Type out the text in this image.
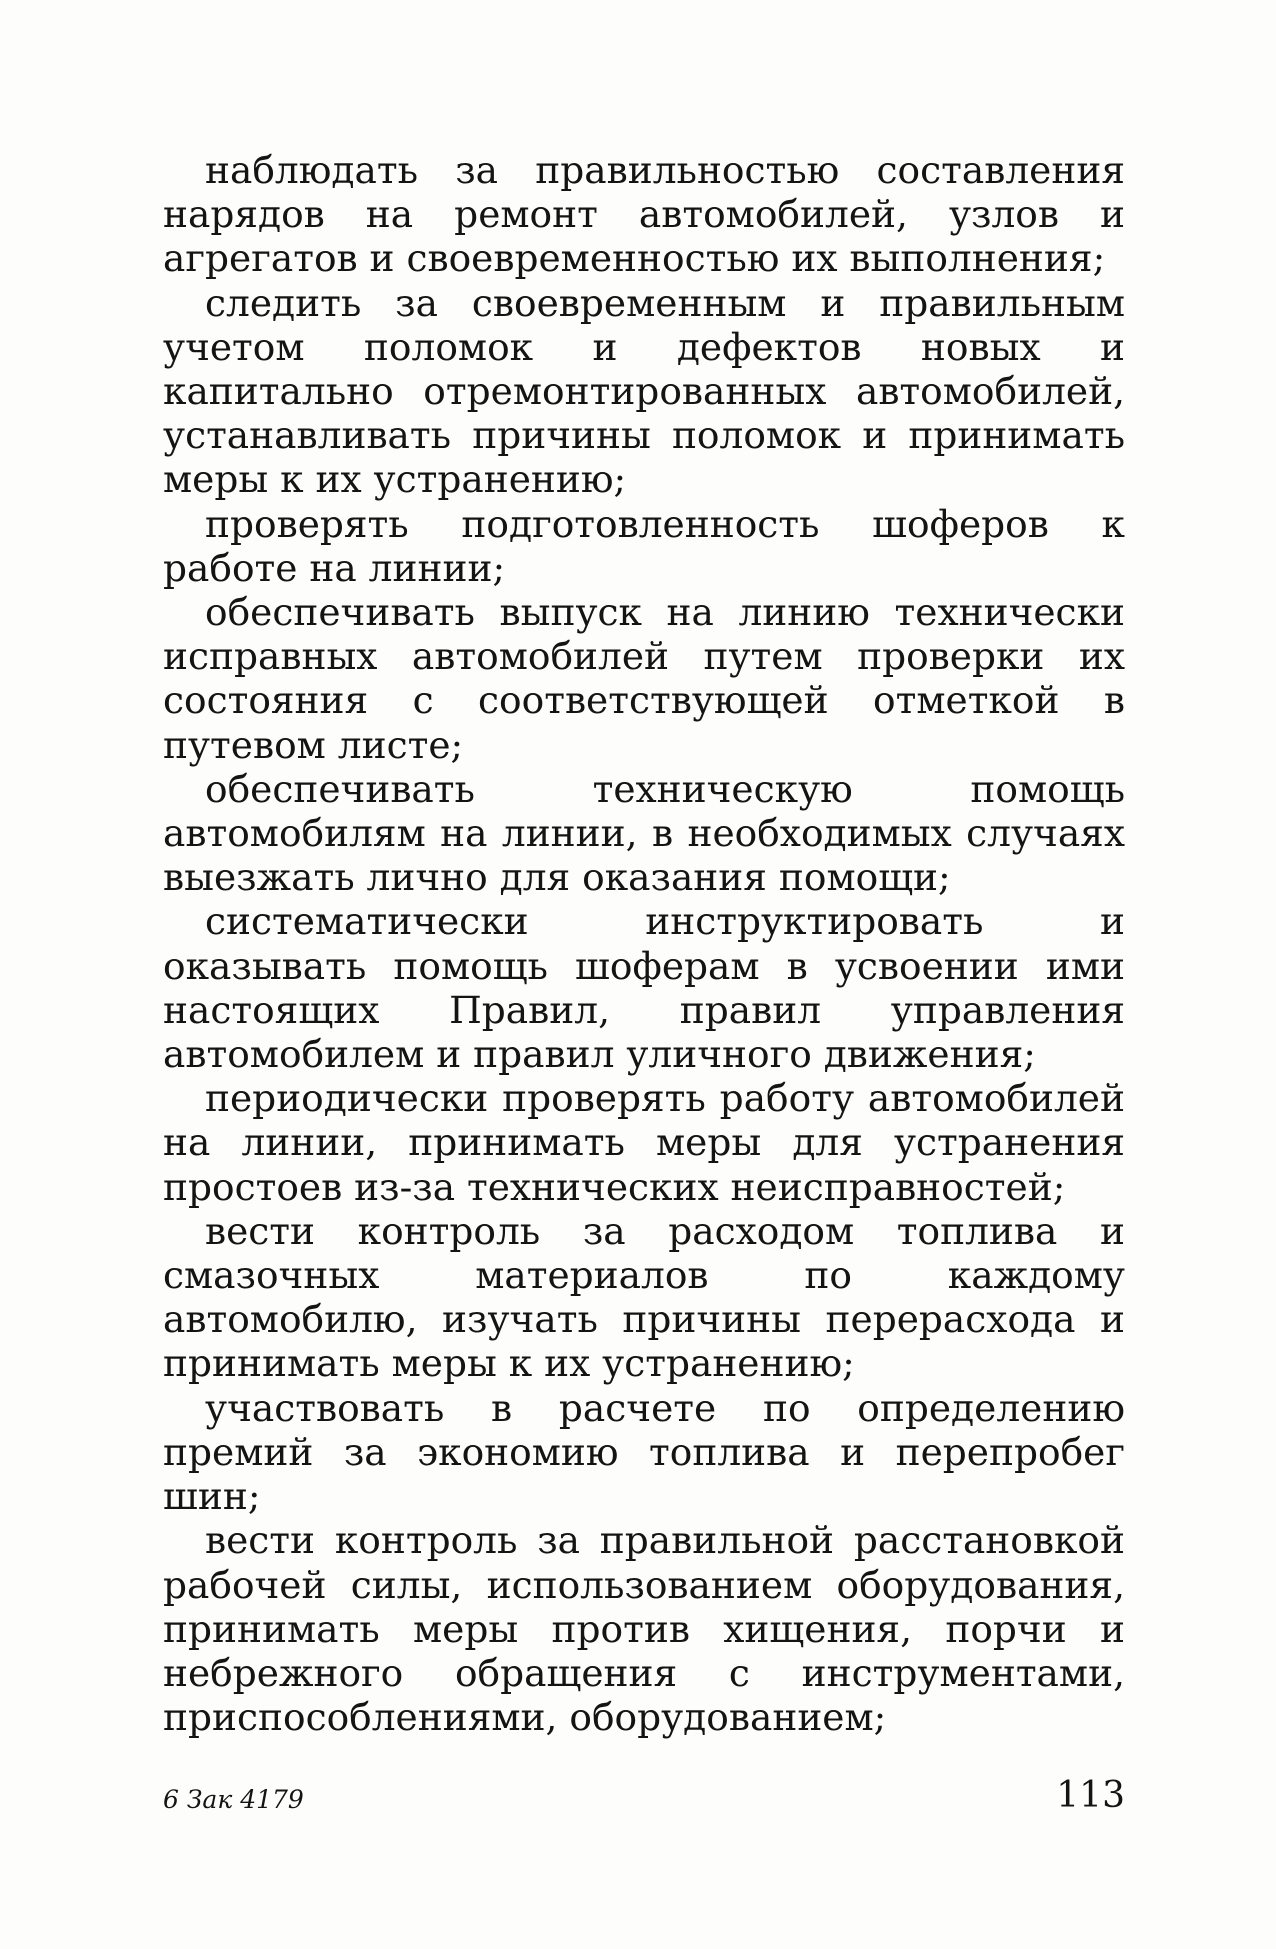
наблюдать за правильностью составления нарядов на ремонт автомобилей, узлов и агрегатов и своевременностью их выполнения;

следить за своевременным и правильным учетом поломок и дефектов новых и капитально отремонтированных автомобилей, устанавливать причины поломок и принимать меры к их устранению;

проверять подготовленность шоферов к работе на линии;

обеспечивать выпуск на линию технически исправных автомобилей путем проверки их состояния с соответствующей отметкой в путевом листе;

обеспечивать техническую помощь автомобилям на линии, в необходимых случаях выезжать лично для оказания помощи;

систематически инструктировать и оказывать помощь шоферам в усвоении ими настоящих Правил, правил управления автомобилем и правил уличного движения;

периодически проверять работу автомобилей на линии, принимать меры для устранения простоев из-за технических неисправностей;

вести контроль за расходом топлива и смазочных материалов по каждому автомобилю, изучать причины перерасхода и принимать меры к их устранению;

участвовать в расчете по определению премий за экономию топлива и перепробег шин;

вести контроль за правильной расстановкой рабочей силы, использованием оборудования, принимать меры против хищения, порчи и небрежного обращения с инструментами, приспособлениями, оборудованием;

6 Зак 4179	113
